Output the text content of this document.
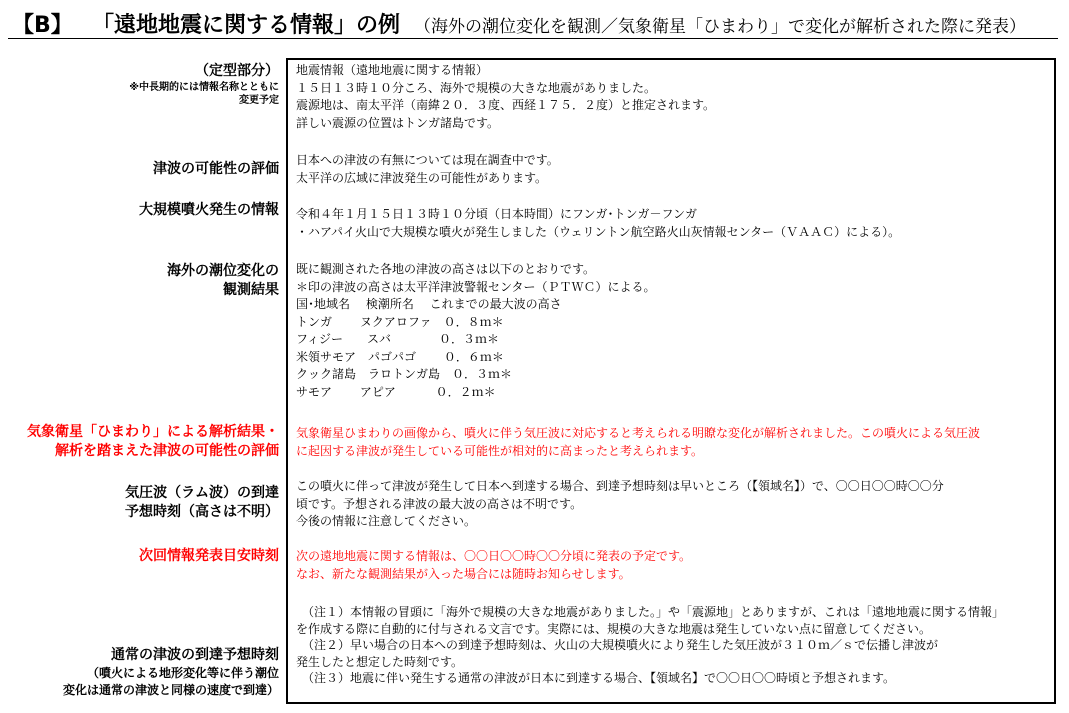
【B】 「遠地地震に関する情報」の例 （海外の潮位変化を観測／気象衛星「ひまわり」で変化が解析された際に発表）
（定型部分）
※中長期的には情報名称とともに
変更予定
地震情報（遠地地震に関する情報）
１５日１３時１０分ころ、海外で規模の大きな地震がありました。
震源地は、南太平洋（南緯２０．３度、西経１７５．２度）と推定されます。
詳しい震源の位置はトンガ諸島です。
津波の可能性の評価
日本への津波の有無については現在調査中です。
太平洋の広域に津波発生の可能性があります。
大規模噴火発生の情報 令和４年１月１５日１３時１０分頃（日本時間）にフンガ･トンガ－フンガ
・ハアパイ火山で大規模な噴火が発生しました（ウェリントン航空路火山灰情報センター（ＶＡＡＣ）による）。
海外の潮位変化の
観測結果
既に観測された各地の津波の高さは以下のとおりです。
＊印の津波の高さは太平洋津波警報センター（ＰＴＷＣ）による。
国･地域名　 検潮所名　 これまでの最大波の高さ
トンガ　　 ヌクアロファ　０．８ｍ＊
フィジー　　スバ　　　　０．３ｍ＊
米領サモア　パゴパゴ　　 ０．６ｍ＊
クック諸島　ラロトンガ島　０．３ｍ＊
サモア　　 アピア　　　 ０．２ｍ＊
気象衛星「ひまわり」による解析結果・
解析を踏まえた津波の可能性の評価
気象衛星ひまわりの画像から、噴火に伴う気圧波に対応すると考えられる明瞭な変化が解析されました。この噴火による気圧波
に起因する津波が発生している可能性が相対的に高まったと考えられます。
気圧波（ラム波）の到達
予想時刻（高さは不明）
この噴火に伴って津波が発生して日本へ到達する場合、到達予想時刻は早いところ（【領域名】）で、〇〇日〇〇時〇〇分
頃です。予想される津波の最大波の高さは不明です。
今後の情報に注意してください。
次回情報発表目安時刻 次の遠地地震に関する情報は、〇〇日〇〇時〇〇分頃に発表の予定です。
なお、新たな観測結果が入った場合には随時お知らせします。
通常の津波の到達予想時刻
（噴火による地形変化等に伴う潮位
変化は通常の津波と同様の速度で到達）
　（注１）本情報の冒頭に「海外で規模の大きな地震がありました。」や「震源地」とありますが、これは「遠地地震に関する情報」
を作成する際に自動的に付与される文言です。実際には、規模の大きな地震は発生していない点に留意してください。
　（注２）早い場合の日本への到達予想時刻は、火山の大規模噴火により発生した気圧波が３１０ｍ／ｓで伝播し津波が
発生したと想定した時刻です。
　（注３）地震に伴い発生する通常の津波が日本に到達する場合、【領域名】で〇〇日〇〇時頃と予想されます。
